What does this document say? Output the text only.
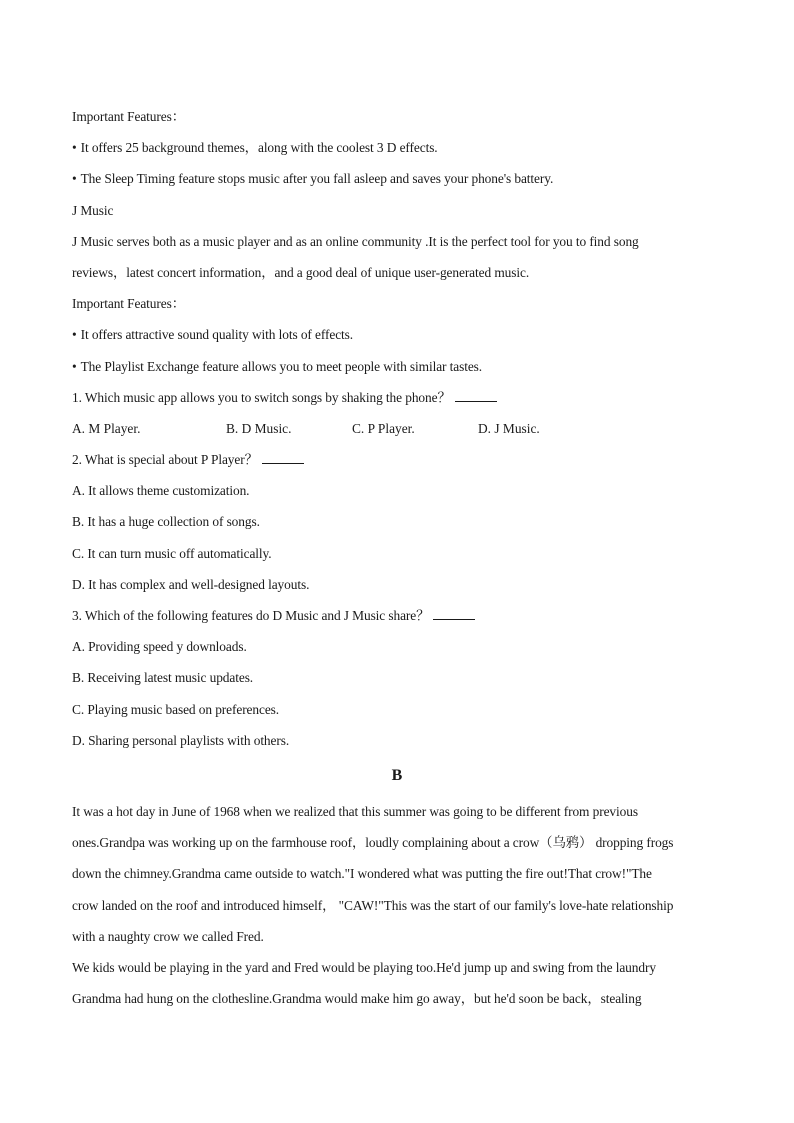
Important Features：
• It offers 25 background themes，along with the coolest 3 D effects.
• The Sleep Timing feature stops music after you fall asleep and saves your phone's battery.
J Music
J Music serves both as a music player and as an online community .It is the perfect tool for you to find song
reviews，latest concert information，and a good deal of unique user-generated music.
Important Features：
• It offers attractive sound quality with lots of effects.
• The Playlist Exchange feature allows you to meet people with similar tastes.
1. Which music app allows you to switch songs by shaking the phone？
A. M Player.	B. D Music.	C. P Player.	D. J Music.
2. What is special about P Player？
A. It allows theme customization.
B. It has a huge collection of songs.
C. It can turn music off automatically.
D. It has complex and well-designed layouts.
3. Which of the following features do D Music and J Music share？
A. Providing speed y downloads.
B. Receiving latest music updates.
C. Playing music based on preferences.
D. Sharing personal playlists with others.
B
It was a hot day in June of 1968 when we realized that this summer was going to be different from previous
ones.Grandpa was working up on the farmhouse roof，loudly complaining about a crow（乌鸦） dropping frogs
down the chimney.Grandma came outside to watch."I wondered what was putting the fire out!That crow!"The
crow landed on the roof and introduced himself， "CAW!"This was the start of our family's love-hate relationship
with a naughty crow we called Fred.
We kids would be playing in the yard and Fred would be playing too.He'd jump up and swing from the laundry
Grandma had hung on the clothesline.Grandma would make him go away，but he'd soon be back，stealing
